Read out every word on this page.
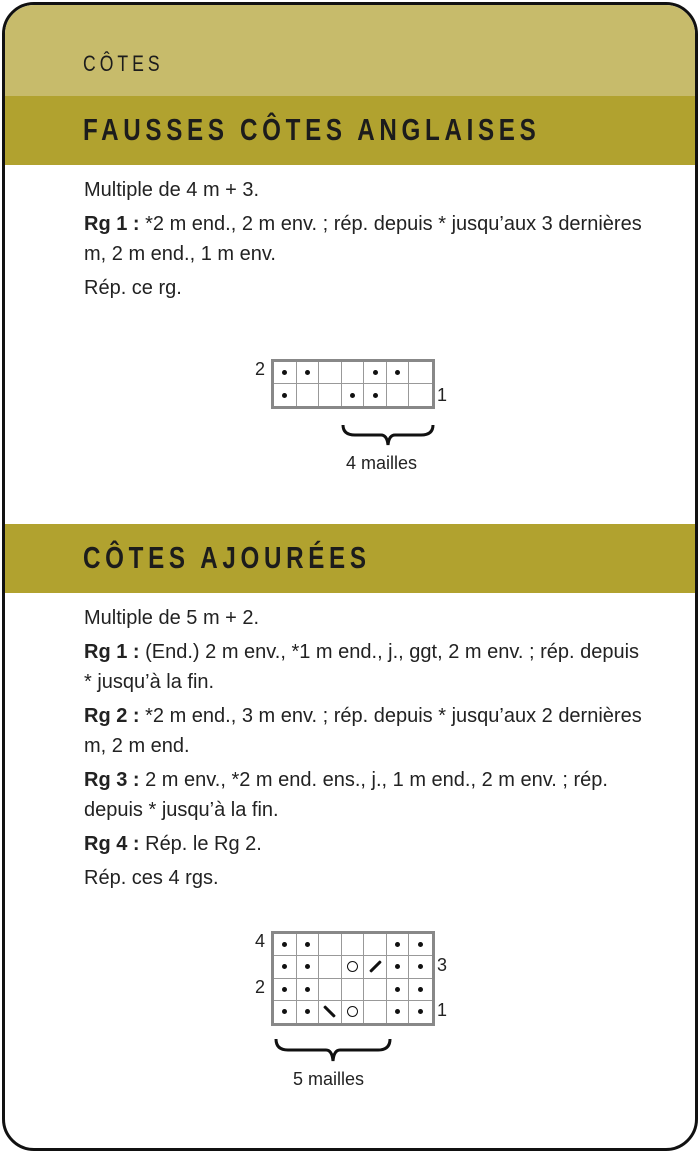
CÔTES
FAUSSES CÔTES ANGLAISES

Multiple de 4 m + 3.

Rg 1 : *2 m end., 2 m env. ; rép. depuis * jusqu’aux 3 dernières m, 2 m end., 1 m env.

Rép. ce rg.

2
1
4 mailles
CÔTES AJOURÉES

Multiple de 5 m + 2.

Rg 1 : (End.) 2 m env., *1 m end., j., ggt, 2 m env. ; rép. depuis * jusqu’à la fin.

Rg 2 : *2 m end., 3 m env. ; rép. depuis * jusqu’aux 2 dernières m, 2 m end.

Rg 3 : 2 m env., *2 m end. ens., j., 1 m end., 2 m env. ; rép. depuis * jusqu’à la fin.

Rg 4 : Rép. le Rg 2.

Rép. ces 4 rgs.

4
2
3
1
5 mailles
